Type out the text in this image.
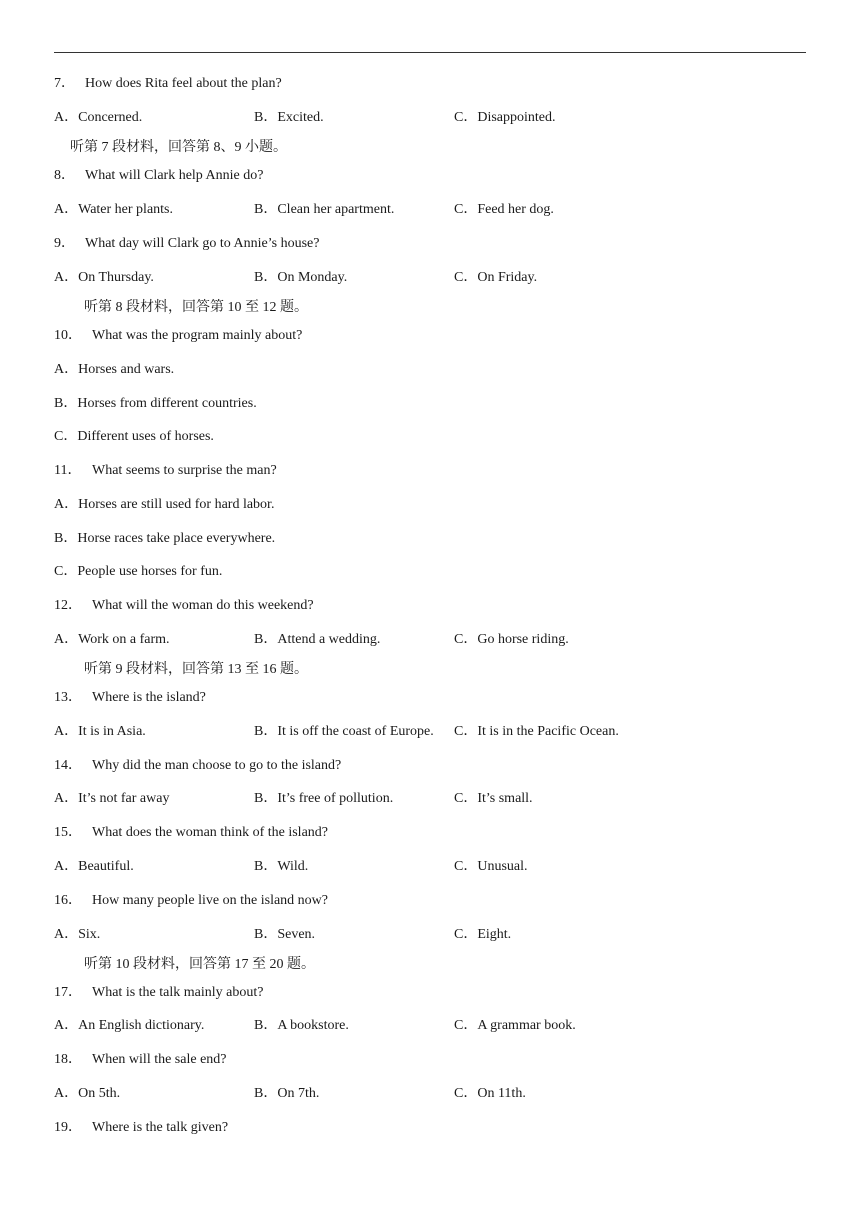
7． How does Rita feel about the plan?
A．Concerned.	B．Excited.	C．Disappointed.
听第 7 段材料，回答第 8、9 小题。
8． What will Clark help Annie do?
A．Water her plants.	B．Clean her apartment.	C．Feed her dog.
9． What day will Clark go to Annie’s house?
A．On Thursday.	B．On Monday.	C．On Friday.
听第 8 段材料，回答第 10 至 12 题。
10． What was the program mainly about?
A．Horses and wars.
B．Horses from different countries.
C．Different uses of horses.
11． What seems to surprise the man?
A．Horses are still used for hard labor.
B．Horse races take place everywhere.
C．People use horses for fun.
12． What will the woman do this weekend?
A．Work on a farm.	B．Attend a wedding.	C．Go horse riding.
听第 9 段材料，回答第 13 至 16 题。
13． Where is the island?
A．It is in Asia.	B．It is off the coast of Europe. C．It is in the Pacific Ocean.
14． Why did the man choose to go to the island?
A．It’s not far away	B．It’s free of pollution.	C．It’s small.
15． What does the woman think of the island?
A．Beautiful.	B．Wild.	C．Unusual.
16． How many people live on the island now?
A．Six.	B．Seven.	C．Eight.
听第 10 段材料，回答第 17 至 20 题。
17． What is the talk mainly about?
A．An English dictionary.	B．A bookstore.	C．A grammar book.
18． When will the sale end?
A．On 5th.	B．On 7th.	C．On 11th.
19． Where is the talk given?
